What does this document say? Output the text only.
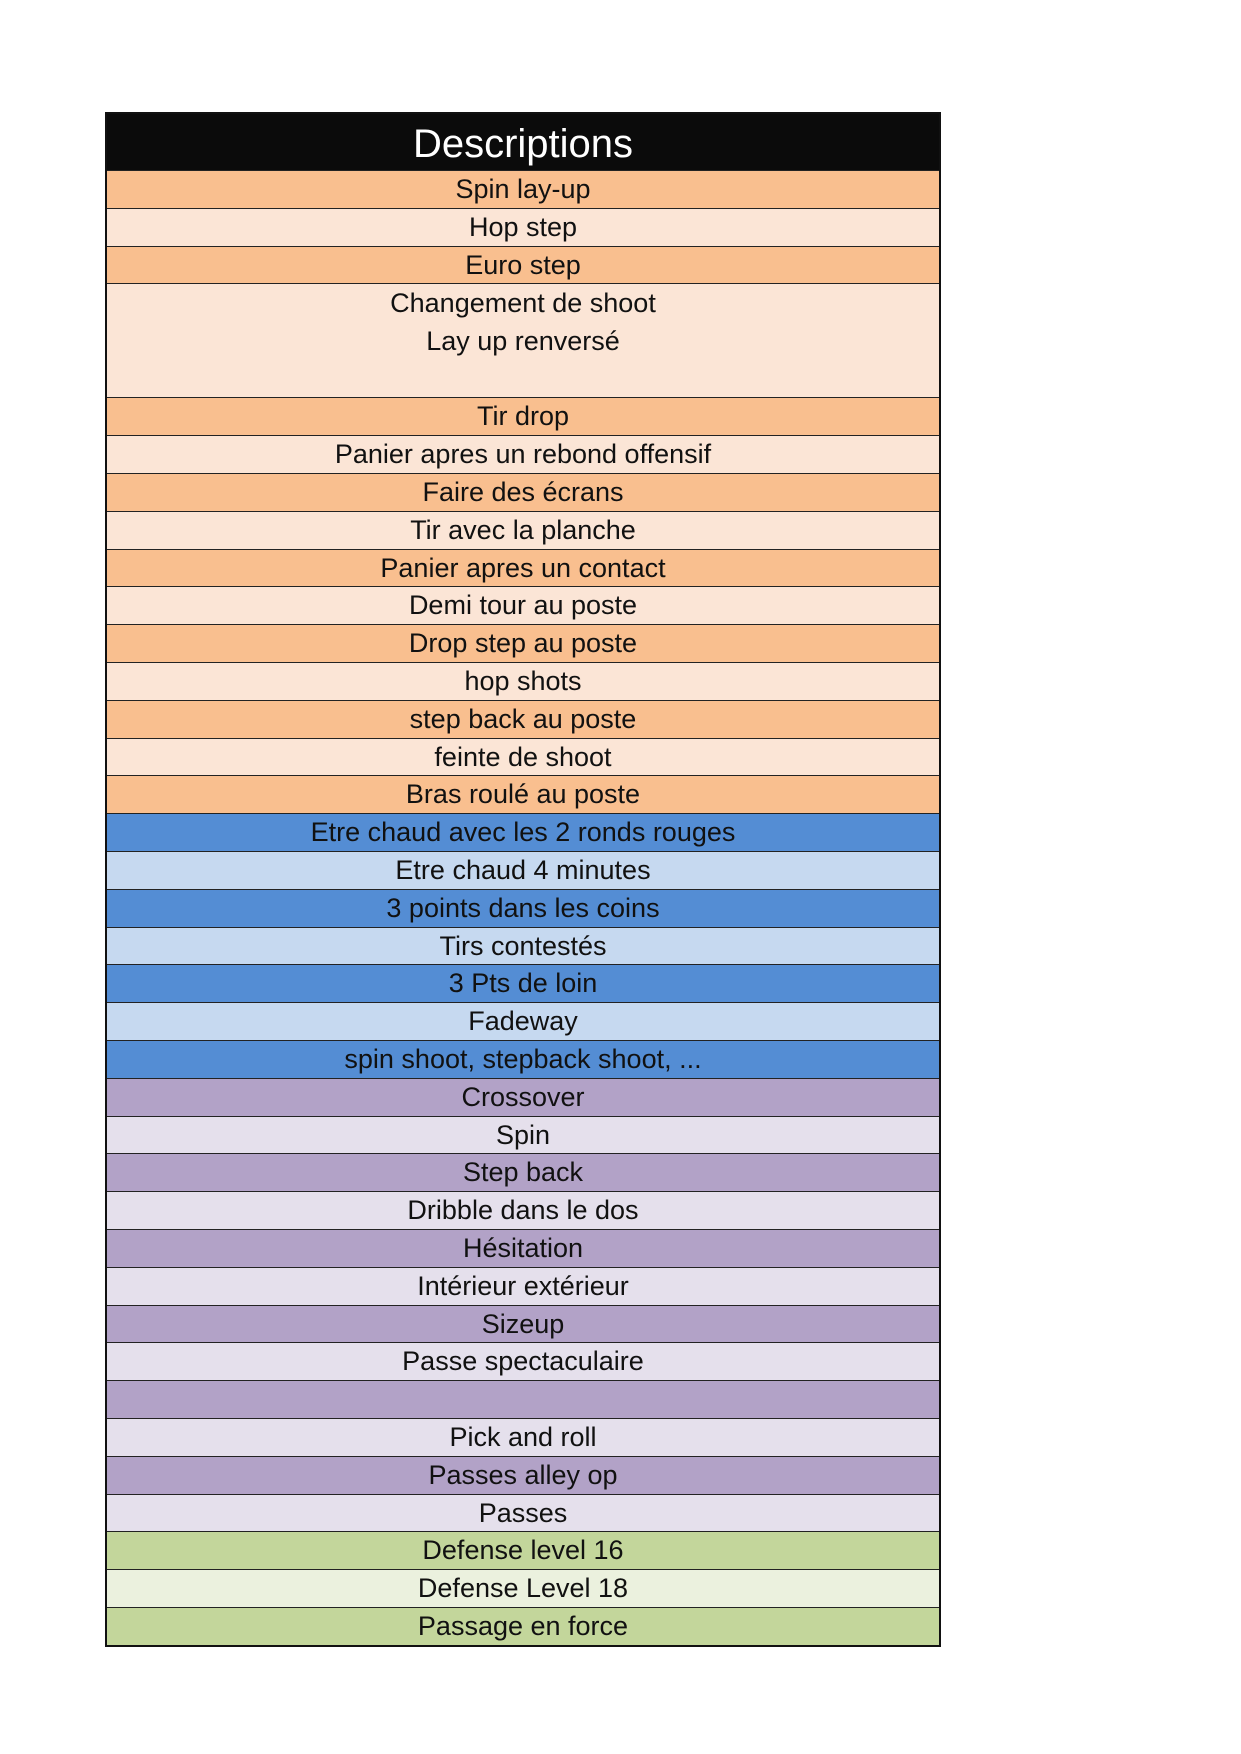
Descriptions
Spin lay-up
Hop step
Euro step
Changement de shoot
Lay up renversé
Tir drop
Panier apres un rebond offensif
Faire des écrans
Tir avec la planche
Panier apres un contact
Demi tour au poste
Drop step au poste
hop shots
step back au poste
feinte de shoot
Bras roulé au poste
Etre chaud avec les 2 ronds rouges
Etre chaud 4 minutes
3 points dans les coins
Tirs contestés
3 Pts de loin
Fadeway
spin shoot, stepback shoot, ...
Crossover
Spin
Step back
Dribble dans le dos
Hésitation
Intérieur extérieur
Sizeup
Passe spectaculaire
Pick and roll
Passes alley op
Passes
Defense level 16
Defense Level 18
Passage en force
